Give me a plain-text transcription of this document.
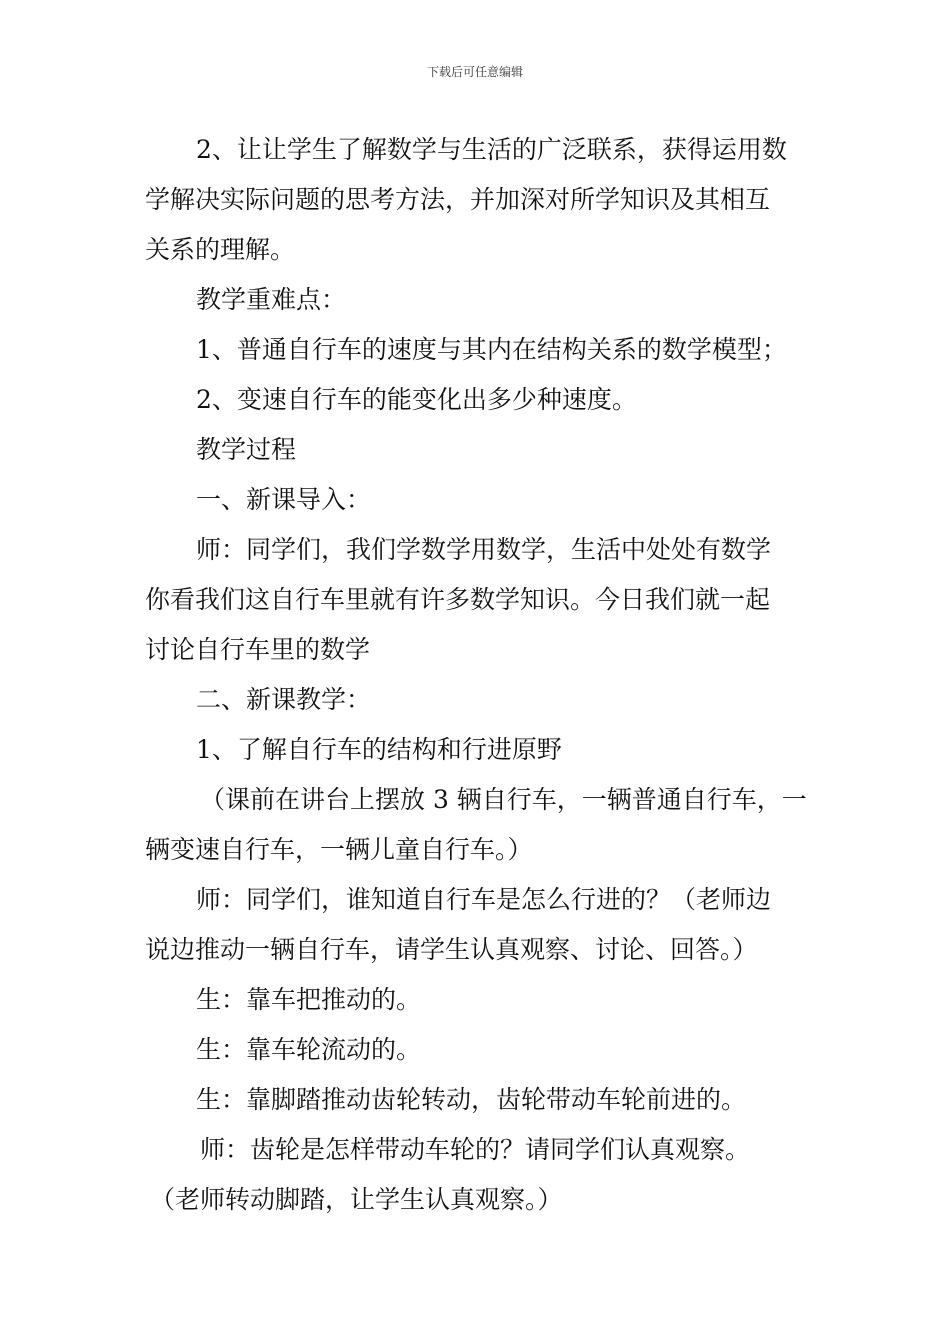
下载后可任意编辑
2、让让学生了解数学与生活的广泛联系，获得运用数
学解决实际问题的思考方法，并加深对所学知识及其相互
关系的理解。
教学重难点：
1、普通自行车的速度与其内在结构关系的数学模型；
2、变速自行车的能变化出多少种速度。
教学过程
一、新课导入：
师：同学们，我们学数学用数学，生活中处处有数学
你看我们这自行车里就有许多数学知识。今日我们就一起
讨论自行车里的数学
二、新课教学：
1、了解自行车的结构和行进原野
（课前在讲台上摆放 3 辆自行车，一辆普通自行车，一
辆变速自行车，一辆儿童自行车。）
师：同学们，谁知道自行车是怎么行进的？（老师边
说边推动一辆自行车，请学生认真观察、讨论、回答。）
生：靠车把推动的。
生：靠车轮流动的。
生：靠脚踏推动齿轮转动，齿轮带动车轮前进的。
师：齿轮是怎样带动车轮的？请同学们认真观察。
（老师转动脚踏，让学生认真观察。）
